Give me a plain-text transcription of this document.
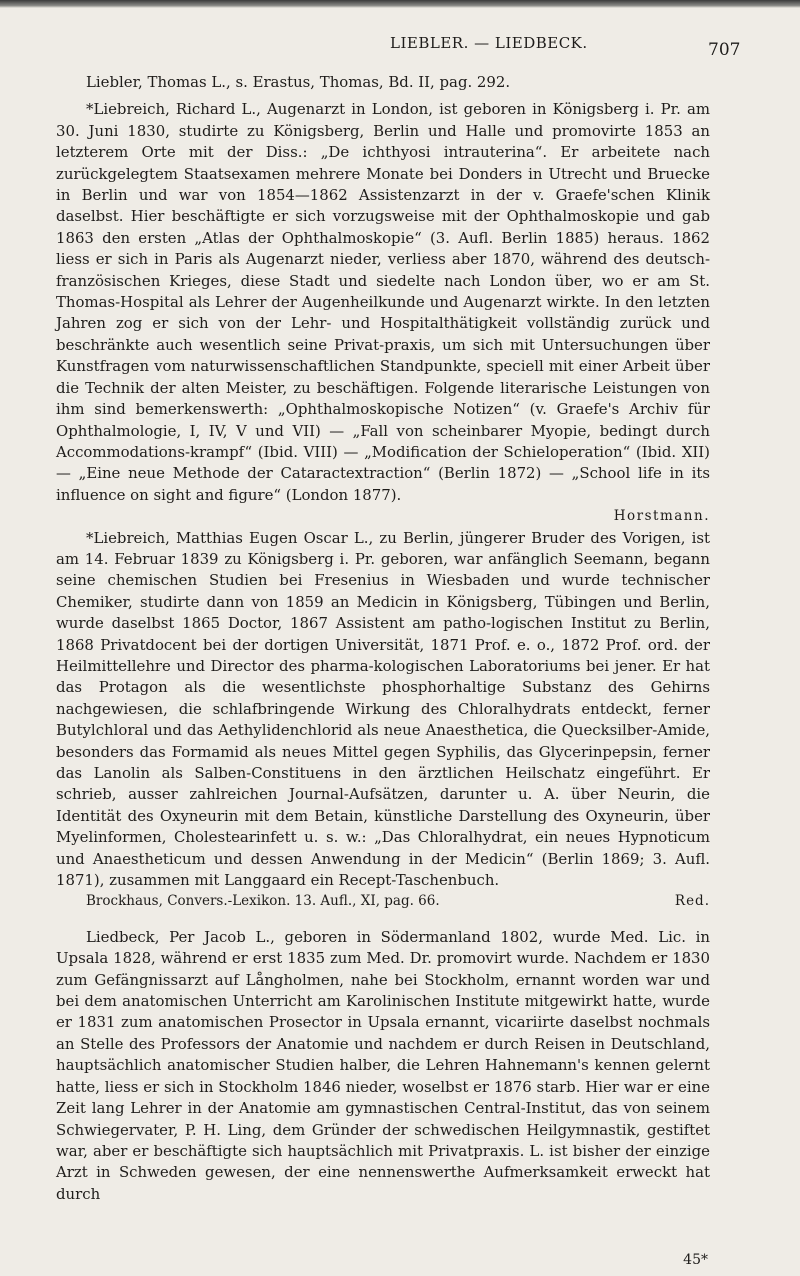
LIEBLER. — LIEDBECK.	707

Liebler, Thomas L., s. Erastus, Thomas, Bd. II, pag. 292.

*Liebreich, Richard L., Augenarzt in London, ist geboren in Königsberg i. Pr. am 30. Juni 1830, studirte zu Königsberg, Berlin und Halle und promovirte 1853 an letzterem Orte mit der Diss.: „De ichthyosi intrauterina“. Er arbeitete nach zurückgelegtem Staatsexamen mehrere Monate bei Donders in Utrecht und Bruecke in Berlin und war von 1854—1862 Assistenzarzt in der v. Graefe'schen Klinik daselbst. Hier beschäftigte er sich vorzugsweise mit der Ophthalmoskopie und gab 1863 den ersten „Atlas der Ophthalmoskopie“ (3. Aufl. Berlin 1885) heraus. 1862 liess er sich in Paris als Augenarzt nieder, verliess aber 1870, während des deutsch-französischen Krieges, diese Stadt und siedelte nach London über, wo er am St. Thomas-Hospital als Lehrer der Augenheilkunde und Augenarzt wirkte. In den letzten Jahren zog er sich von der Lehr- und Hospitalthätigkeit vollständig zurück und beschränkte auch wesentlich seine Privat-praxis, um sich mit Untersuchungen über Kunstfragen vom naturwissenschaftlichen Standpunkte, speciell mit einer Arbeit über die Technik der alten Meister, zu beschäftigen. Folgende literarische Leistungen von ihm sind bemerkenswerth: „Ophthalmoskopische Notizen“ (v. Graefe's Archiv für Ophthalmologie, I, IV, V und VII) — „Fall von scheinbarer Myopie, bedingt durch Accommodations-krampf“ (Ibid. VIII) — „Modification der Schieloperation“ (Ibid. XII) — „Eine neue Methode der Cataractextraction“ (Berlin 1872) — „School life in its influence on sight and figure“ (London 1877).

Horstmann.

*Liebreich, Matthias Eugen Oscar L., zu Berlin, jüngerer Bruder des Vorigen, ist am 14. Februar 1839 zu Königsberg i. Pr. geboren, war anfänglich Seemann, begann seine chemischen Studien bei Fresenius in Wiesbaden und wurde technischer Chemiker, studirte dann von 1859 an Medicin in Königsberg, Tübingen und Berlin, wurde daselbst 1865 Doctor, 1867 Assistent am patho-logischen Institut zu Berlin, 1868 Privatdocent bei der dortigen Universität, 1871 Prof. e. o., 1872 Prof. ord. der Heilmittellehre und Director des pharma-kologischen Laboratoriums bei jener. Er hat das Protagon als die wesentlichste phosphorhaltige Substanz des Gehirns nachgewiesen, die schlafbringende Wirkung des Chloralhydrats entdeckt, ferner Butylchloral und das Aethylidenchlorid als neue Anaesthetica, die Quecksilber-Amide, besonders das Formamid als neues Mittel gegen Syphilis, das Glycerinpepsin, ferner das Lanolin als Salben-Constituens in den ärztlichen Heilschatz eingeführt. Er schrieb, ausser zahlreichen Journal-Aufsätzen, darunter u. A. über Neurin, die Identität des Oxyneurin mit dem Betain, künstliche Darstellung des Oxyneurin, über Myelinformen, Cholestearinfett u. s. w.: „Das Chloralhydrat, ein neues Hypnoticum und Anaestheticum und dessen Anwendung in der Medicin“ (Berlin 1869; 3. Aufl. 1871), zusammen mit Langgaard ein Recept-Taschenbuch.

Brockhaus, Convers.-Lexikon. 13. Aufl., XI, pag. 66.	Red.

Liedbeck, Per Jacob L., geboren in Södermanland 1802, wurde Med. Lic. in Upsala 1828, während er erst 1835 zum Med. Dr. promovirt wurde. Nachdem er 1830 zum Gefängnissarzt auf Långholmen, nahe bei Stockholm, ernannt worden war und bei dem anatomischen Unterricht am Karolinischen Institute mitgewirkt hatte, wurde er 1831 zum anatomischen Prosector in Upsala ernannt, vicariirte daselbst nochmals an Stelle des Professors der Anatomie und nachdem er durch Reisen in Deutschland, hauptsächlich anatomischer Studien halber, die Lehren Hahnemann's kennen gelernt hatte, liess er sich in Stockholm 1846 nieder, woselbst er 1876 starb. Hier war er eine Zeit lang Lehrer in der Anatomie am gymnastischen Central-Institut, das von seinem Schwiegervater, P. H. Ling, dem Gründer der schwedischen Heilgymnastik, gestiftet war, aber er beschäftigte sich hauptsächlich mit Privatpraxis. L. ist bisher der einzige Arzt in Schweden gewesen, der eine nennenswerthe Aufmerksamkeit erweckt hat durch

45*
